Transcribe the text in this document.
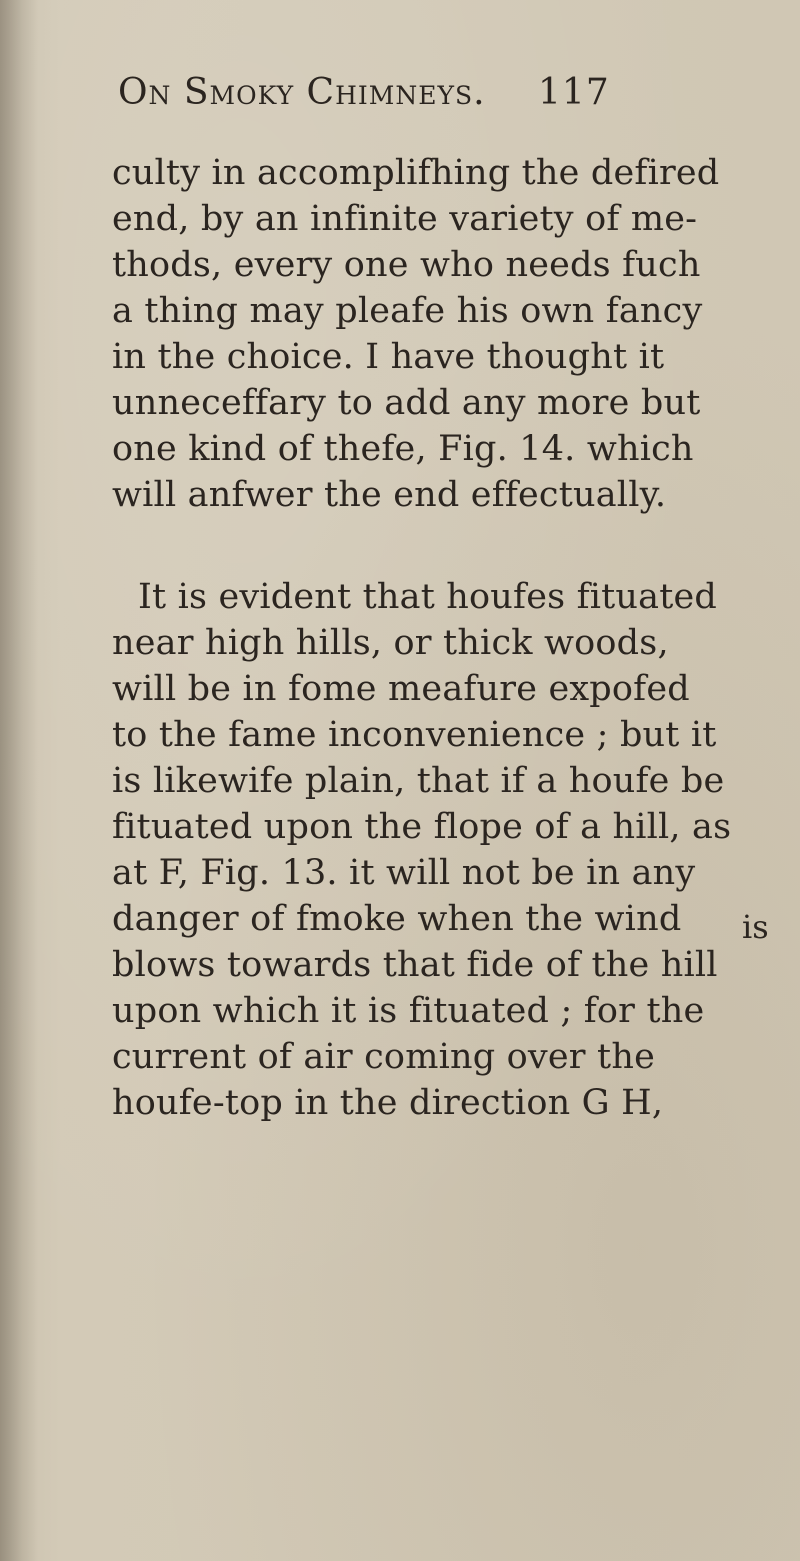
On Smoky Chimneys. 117
culty in accomplifhing the defired
end, by an infinite variety of me-
thods, every one who needs fuch
a thing may pleafe his own fancy
in the choice. I have thought it
unneceffary to add any more but
one kind of thefe, Fig. 14. which
will anfwer the end effectually.
It is evident that houfes fituated
near high hills, or thick woods,
will be in fome meafure expofed
to the fame inconvenience ; but it
is likewife plain, that if a houfe be
fituated upon the flope of a hill, as
at F, Fig. 13. it will not be in any
danger of fmoke when the wind
blows towards that fide of the hill
upon which it is fituated ; for the
current of air coming over the
houfe-top in the direction G H,
is
